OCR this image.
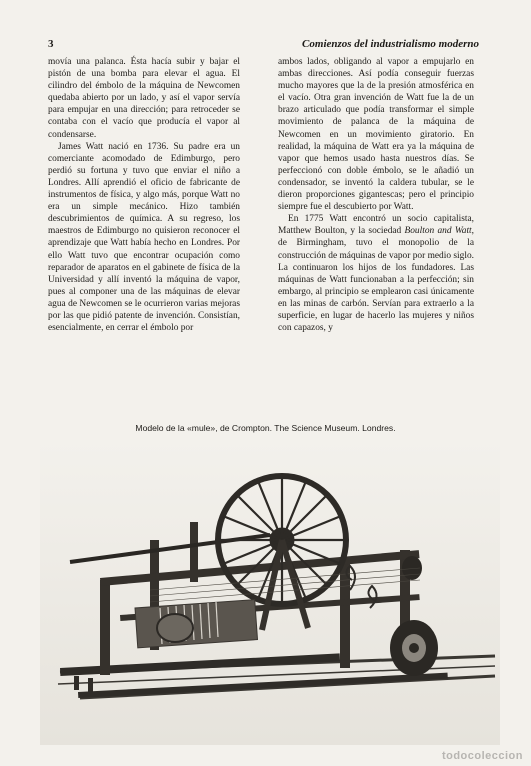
3	Comienzos del industrialismo moderno

movía una palanca. Ésta hacía subir y bajar el pistón de una bomba para elevar el agua. El cilindro del émbolo de la máquina de Newcomen quedaba abierto por un lado, y así el vapor servía para empujar en una dirección; para retroceder se contaba con el vacío que producía el vapor al condensarse.

James Watt nació en 1736. Su padre era un comerciante acomodado de Edimburgo, pero perdió su fortuna y tuvo que enviar el niño a Londres. Allí aprendió el oficio de fabricante de instrumentos de física, y algo más, porque Watt no era un simple mecánico. Hizo también descubrimientos de química. A su regreso, los maestros de Edimburgo no quisieron reconocer el aprendizaje que Watt había hecho en Londres. Por ello Watt tuvo que encontrar ocupación como reparador de aparatos en el gabinete de física de la Universidad y allí inventó la máquina de vapor, pues al componer una de las máquinas de elevar agua de Newcomen se le ocurrieron varias mejoras por las que pidió patente de invención. Consistían, esencialmente, en cerrar el émbolo por

ambos lados, obligando al vapor a empujarlo en ambas direcciones. Así podía conseguir fuerzas mucho mayores que la de la presión atmosférica en el vacío. Otra gran invención de Watt fue la de un brazo articulado que podía transformar el simple movimiento de palanca de la máquina de Newcomen en un movimiento giratorio. En realidad, la máquina de Watt era ya la máquina de vapor que hemos usado hasta nuestros días. Se perfeccionó con doble émbolo, se le añadió un condensador, se inventó la caldera tubular, se le dieron proporciones gigantescas; pero el principio siempre fue el descubierto por Watt.

En 1775 Watt encontró un socio capitalista, Matthew Boulton, y la sociedad Boulton and Watt, de Birmingham, tuvo el monopolio de la construcción de máquinas de vapor por medio siglo. La continuaron los hijos de los fundadores. Las máquinas de Watt funcionaban a la perfección; sin embargo, al principio se emplearon casi únicamente en las minas de carbón. Servían para extraerlo a la superficie, en lugar de hacerlo las mujeres y niños con capazos, y

Modelo de la «mule», de Crompton. The Science Museum. Londres.
todocoleccion
